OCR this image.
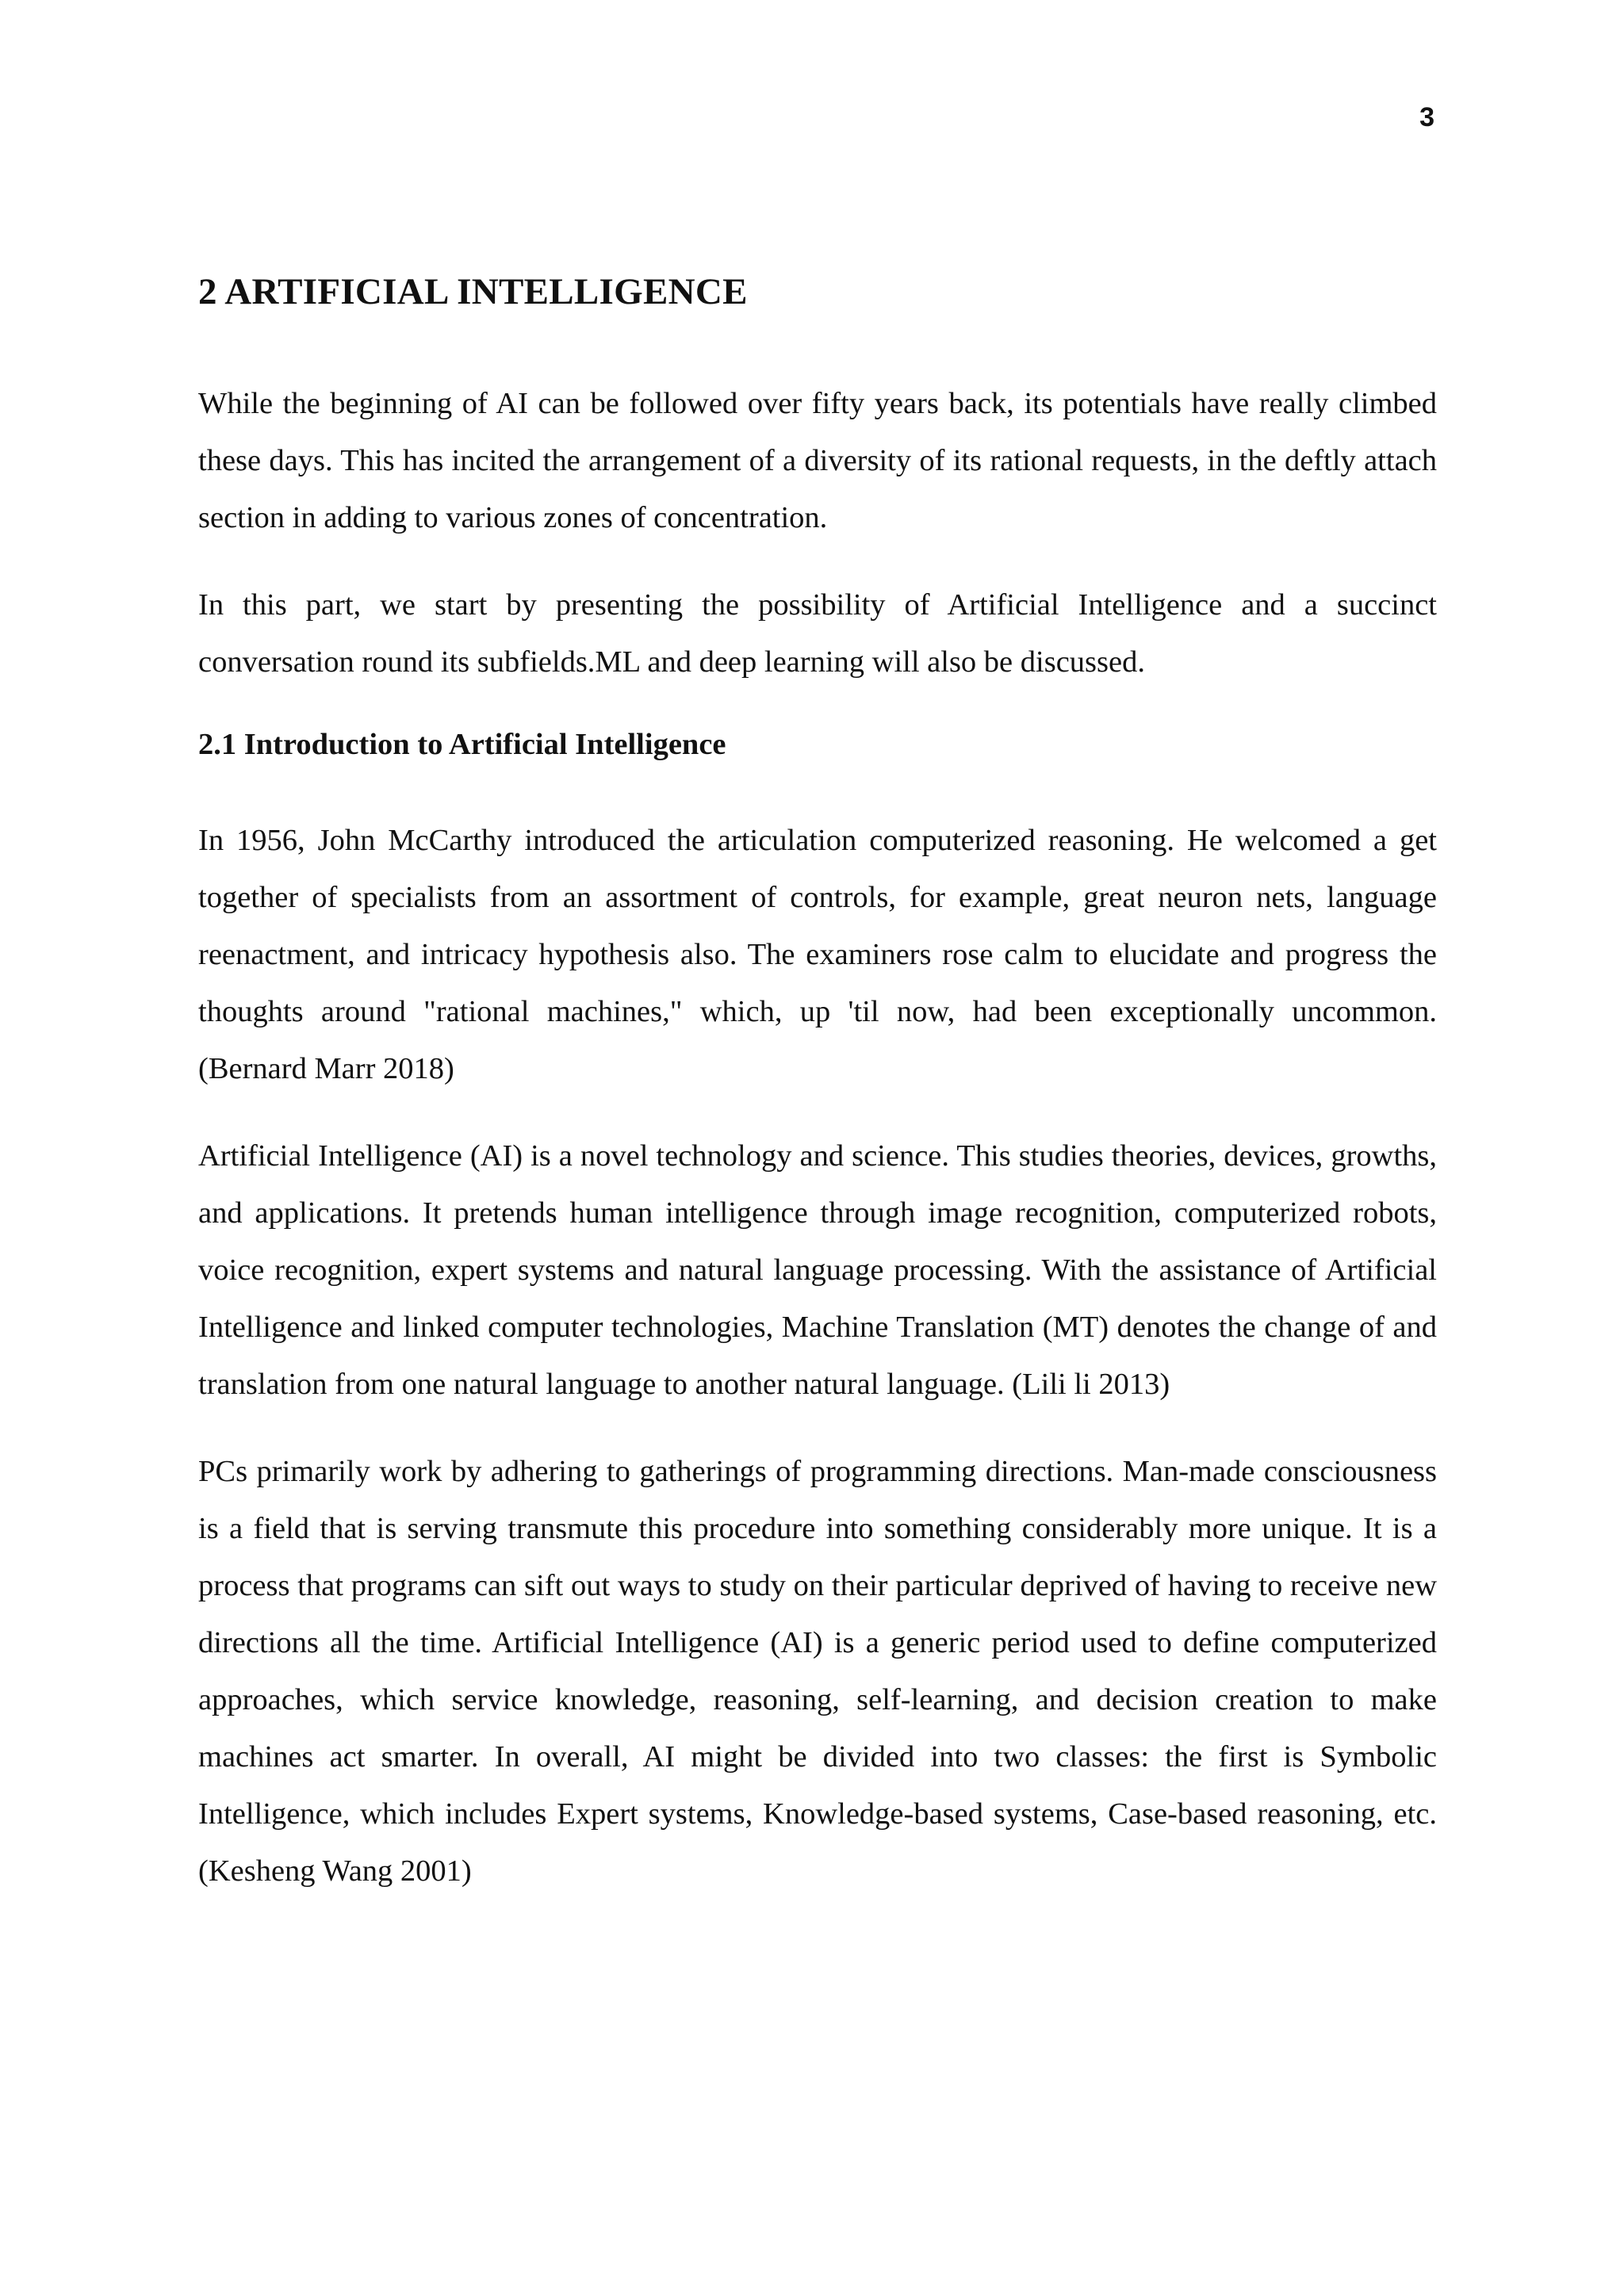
3
2 ARTIFICIAL INTELLIGENCE

While the beginning of AI can be followed over fifty years back, its potentials have really climbed these days. This has incited the arrangement of a diversity of its rational requests, in the deftly attach section in adding to various zones of concentration.

In this part, we start by presenting the possibility of Artificial Intelligence and a succinct conversation round its subfields.ML and deep learning will also be discussed.

2.1 Introduction to Artificial Intelligence

In 1956, John McCarthy introduced the articulation computerized reasoning. He welcomed a get together of specialists from an assortment of controls, for example, great neuron nets, language reenactment, and intricacy hypothesis also. The examiners rose calm to elucidate and progress the thoughts around "rational machines," which, up 'til now, had been exceptionally uncommon. (Bernard Marr 2018)

Artificial Intelligence (AI) is a novel technology and science. This studies theories, devices, growths, and applications. It pretends human intelligence through image recognition, computerized robots, voice recognition, expert systems and natural language processing. With the assistance of Artificial Intelligence and linked computer technologies, Machine Translation (MT) denotes the change of and translation from one natural language to another natural language. (Lili li 2013)

PCs primarily work by adhering to gatherings of programming directions. Man-made consciousness is a field that is serving transmute this procedure into something considerably more unique. It is a process that programs can sift out ways to study on their particular deprived of having to receive new directions all the time. Artificial Intelligence (AI) is a generic period used to define computerized approaches, which service knowledge, reasoning, self-learning, and decision creation to make machines act smarter. In overall, AI might be divided into two classes: the first is Symbolic Intelligence, which includes Expert systems, Knowledge-based systems, Case-based reasoning, etc. (Kesheng Wang 2001)
